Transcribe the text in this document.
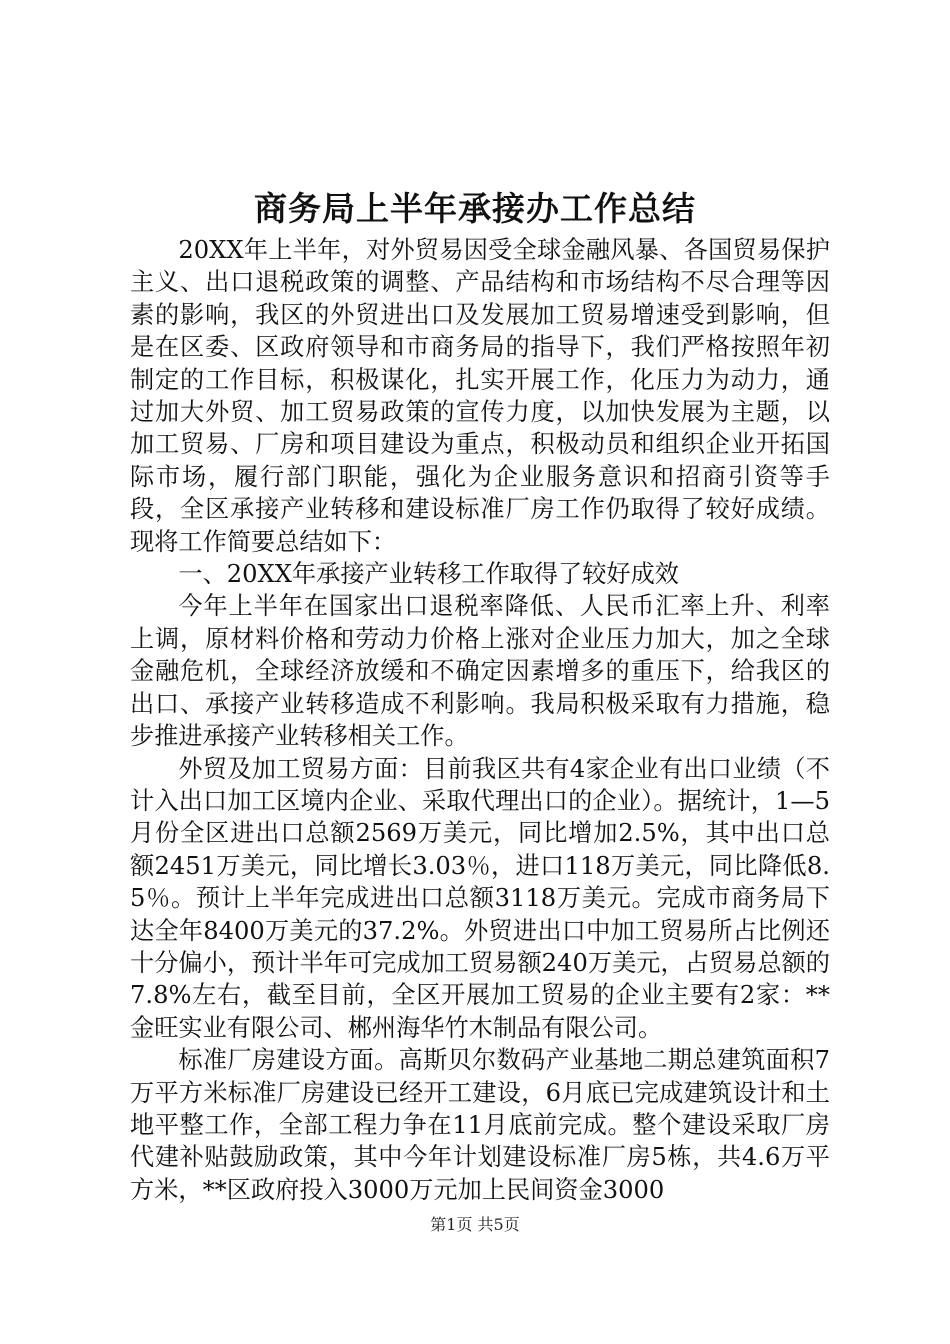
商务局上半年承接办工作总结

20XX年上半年，对外贸易因受全球金融风暴、各国贸易保护主义、出口退税政策的调整、产品结构和市场结构不尽合理等因素的影响，我区的外贸进出口及发展加工贸易增速受到影响，但是在区委、区政府领导和市商务局的指导下，我们严格按照年初制定的工作目标，积极谋化，扎实开展工作，化压力为动力，通过加大外贸、加工贸易政策的宣传力度，以加快发展为主题，以加工贸易、厂房和项目建设为重点，积极动员和组织企业开拓国际市场，履行部门职能，强化为企业服务意识和招商引资等手段，全区承接产业转移和建设标准厂房工作仍取得了较好成绩。现将工作简要总结如下：

一、20XX年承接产业转移工作取得了较好成效

今年上半年在国家出口退税率降低、人民币汇率上升、利率上调，原材料价格和劳动力价格上涨对企业压力加大，加之全球金融危机，全球经济放缓和不确定因素增多的重压下，给我区的出口、承接产业转移造成不利影响。我局积极采取有力措施，稳步推进承接产业转移相关工作。

外贸及加工贸易方面：目前我区共有4家企业有出口业绩（不计入出口加工区境内企业、采取代理出口的企业）。据统计，1—5月份全区进出口总额2569万美元，同比增加2.5%，其中出口总额2451万美元，同比增长3.03％，进口118万美元，同比降低8.5％。预计上半年完成进出口总额3118万美元。完成市商务局下达全年8400万美元的37.2%。外贸进出口中加工贸易所占比例还十分偏小，预计半年可完成加工贸易额240万美元，占贸易总额的7.8%左右，截至目前，全区开展加工贸易的企业主要有2家：**金旺实业有限公司、郴州海华竹木制品有限公司。

标准厂房建设方面。高斯贝尔数码产业基地二期总建筑面积7万平方米标准厂房建设已经开工建设，6月底已完成建筑设计和土地平整工作，全部工程力争在11月底前完成。整个建设采取厂房代建补贴鼓励政策，其中今年计划建设标准厂房5栋，共4.6万平方米，**区政府投入3000万元加上民间资金3000

第1页 共5页
